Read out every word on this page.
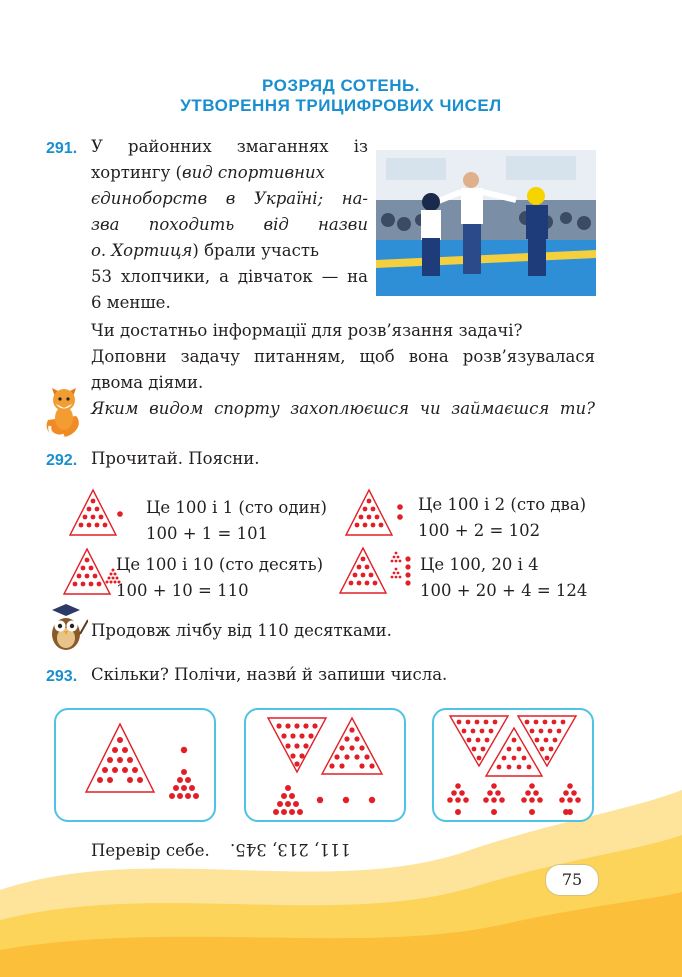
РОЗРЯД СОТЕНЬ.
УТВОРЕННЯ ТРИЦИФРОВИХ ЧИСЕЛ
291. У районних змаганнях із
хортингу (вид спортивних
єдиноборств в Україні; на-
зва походить від назви
о. Хортиця) брали участь
53 хлопчики, а дівчаток — на
6 менше.
Чи достатньо інформації для розв’язання задачі?
Доповни задачу питанням, щоб вона розв’язувалася
двома діями.
Яким видом спорту захоплюєшся чи займаєшся ти?
292. Прочитай. Поясни.
Це 100 і 1 (сто один)
100 + 1 = 101
Це 100 і 2 (сто два)
100 + 2 = 102
Це 100 і 10 (сто десять)
100 + 10 = 110
Це 100, 20 і 4
100 + 20 + 4 = 124
Продовж лічбу від 110 десятками.
293. Скільки? Полічи, назви́ й запиши числа.
Перевір себе. 111, 213, 345.
75
